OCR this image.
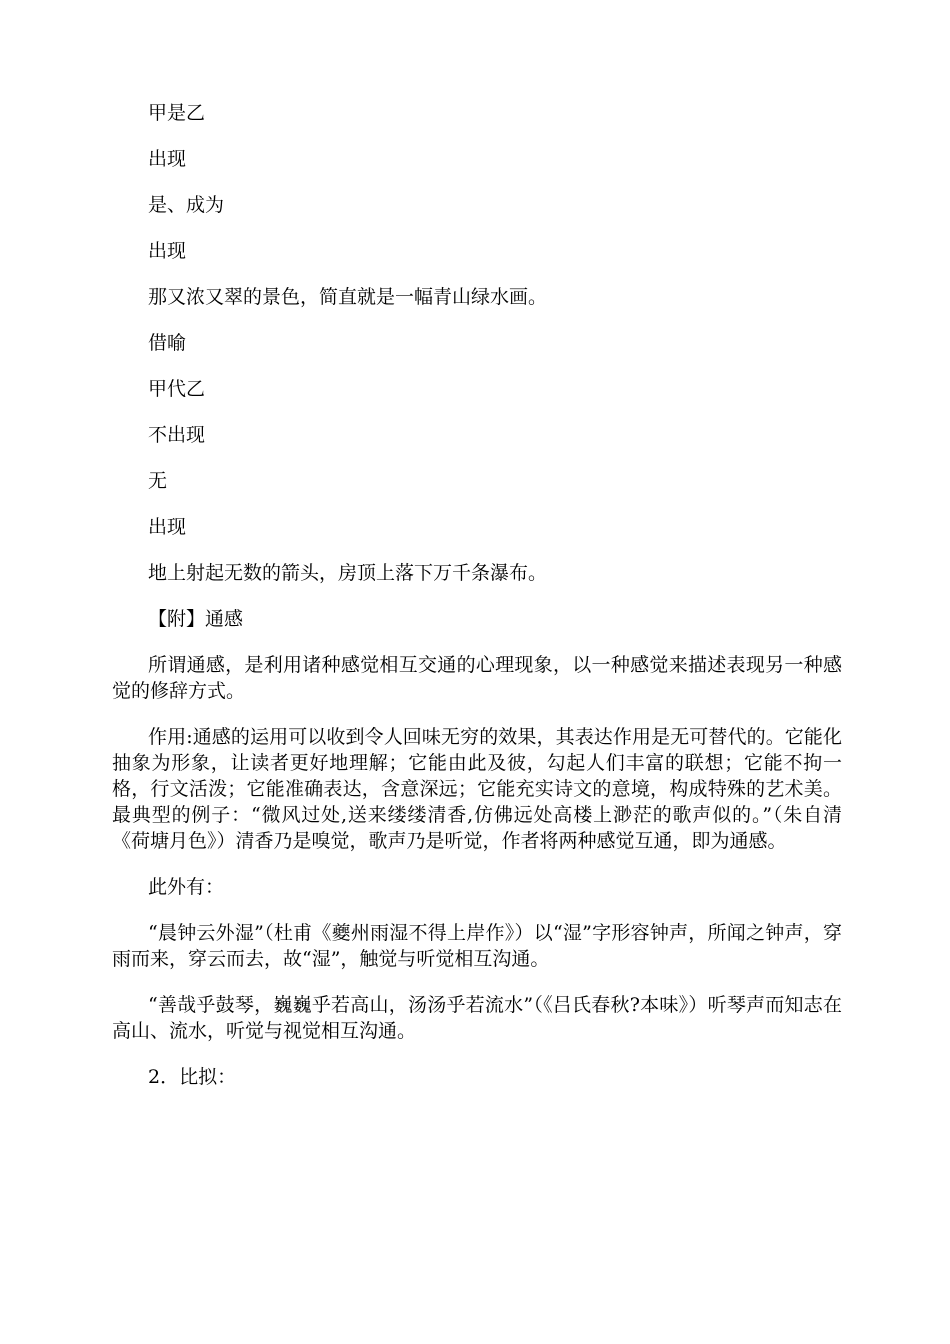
甲是乙
出现
是、成为
出现
那又浓又翠的景色，简直就是一幅青山绿水画。
借喻
甲代乙
不出现
无
出现
地上射起无数的箭头，房顶上落下万千条瀑布。
【附】通感

所谓通感，是利用诸种感觉相互交通的心理现象，以一种感觉来描述表现另一种感觉的修辞方式。

作用:通感的运用可以收到令人回味无穷的效果，其表达作用是无可替代的。它能化抽象为形象，让读者更好地理解；它能由此及彼，勾起人们丰富的联想；它能不拘一格，行文活泼；它能准确表达，含意深远；它能充实诗文的意境，构成特殊的艺术美。最典型的例子：“微风过处,送来缕缕清香,仿佛远处高楼上渺茫的歌声似的。”（朱自清《荷塘月色》）清香乃是嗅觉，歌声乃是听觉，作者将两种感觉互通，即为通感。

此外有：

“晨钟云外湿”（杜甫《夔州雨湿不得上岸作》）以“湿”字形容钟声，所闻之钟声，穿雨而来，穿云而去，故“湿”，触觉与听觉相互沟通。

“善哉乎鼓琴，巍巍乎若高山，汤汤乎若流水”（《吕氏春秋?本味》）听琴声而知志在高山、流水，听觉与视觉相互沟通。

2．比拟：
